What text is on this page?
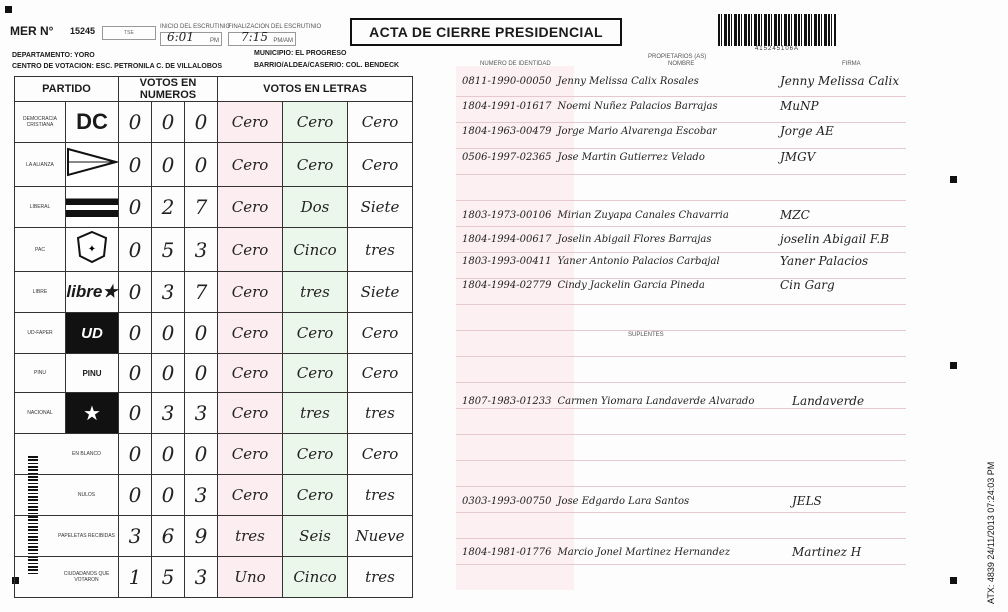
MER N° 15245	TSE
INICIO DEL ESCRUTINIO
6:01	PM
FINALIZACION DEL ESCRUTINIO
7:15 PM/AM
ACTA DE CIERRE PRESIDENCIAL
415245106A
DEPARTAMENTO: YORO	MUNICIPIO: EL PROGRESO
CENTRO DE VOTACION: ESC. PETRONILA C. DE VILLALOBOS	BARRIO/ALDEA/CASERIO: COL. BENDECK
PROPIETARIOS (AS)
NUMERO DE IDENTIDAD	NOMBRE	FIRMA
PARTIDO		VOTOS EN NUMEROS			VOTOS EN LETRAS		
DEMOCRACIA CRISTIANA	DC	0	0	0	Cero	Cero	Cero
LA ALIANZA		0	0	0	Cero	Cero	Cero
LIBERAL		0	2	7	Cero	Dos	Siete
PAC	✦	0	5	3	Cero	Cinco	tres
LIBRE	libre★	0	3	7	Cero	tres	Siete
UD-FAPER	UD	0	0	0	Cero	Cero	Cero
PINU	PINU	0	0	0	Cero	Cero	Cero
NACIONAL	★	0	3	3	Cero	tres	tres
EN BLANCO		0	0	0	Cero	Cero	Cero
NULOS		0	0	3	Cero	Cero	tres
PAPELETAS RECIBIDAS		3	6	9	tres	Seis	Nueve
CIUDADANOS QUE VOTARON		1	5	3	Uno	Cinco	tres
SUPLENTES
0811-1990-00050 Jenny Melissa Calix Rosales	Jenny Melissa Calix
1804-1991-01617 Noemi Nuñez Palacios Barrajas	MuNP
1804-1963-00479 Jorge Mario Alvarenga Escobar	Jorge AE
0506-1997-02365 Jose Martin Gutierrez Velado	JMGV
1803-1973-00106 Mirian Zuyapa Canales Chavarria	MZC
1804-1994-00617 Joselin Abigail Flores Barrajas	joselin Abigail F.B
1803-1993-00411 Yaner Antonio Palacios Carbajal	Yaner Palacios
1804-1994-02779 Cindy Jackelin Garcia Pineda	Cin Garg
1807-1983-01233 Carmen Yiomara Landaverde Alvarado	Landaverde
0303-1993-00750 Jose Edgardo Lara Santos	JELS
1804-1981-01776 Marcio Jonel Martinez Hernandez	Martinez H	ATX: 4839 24/11/2013 07:24:03 PM
